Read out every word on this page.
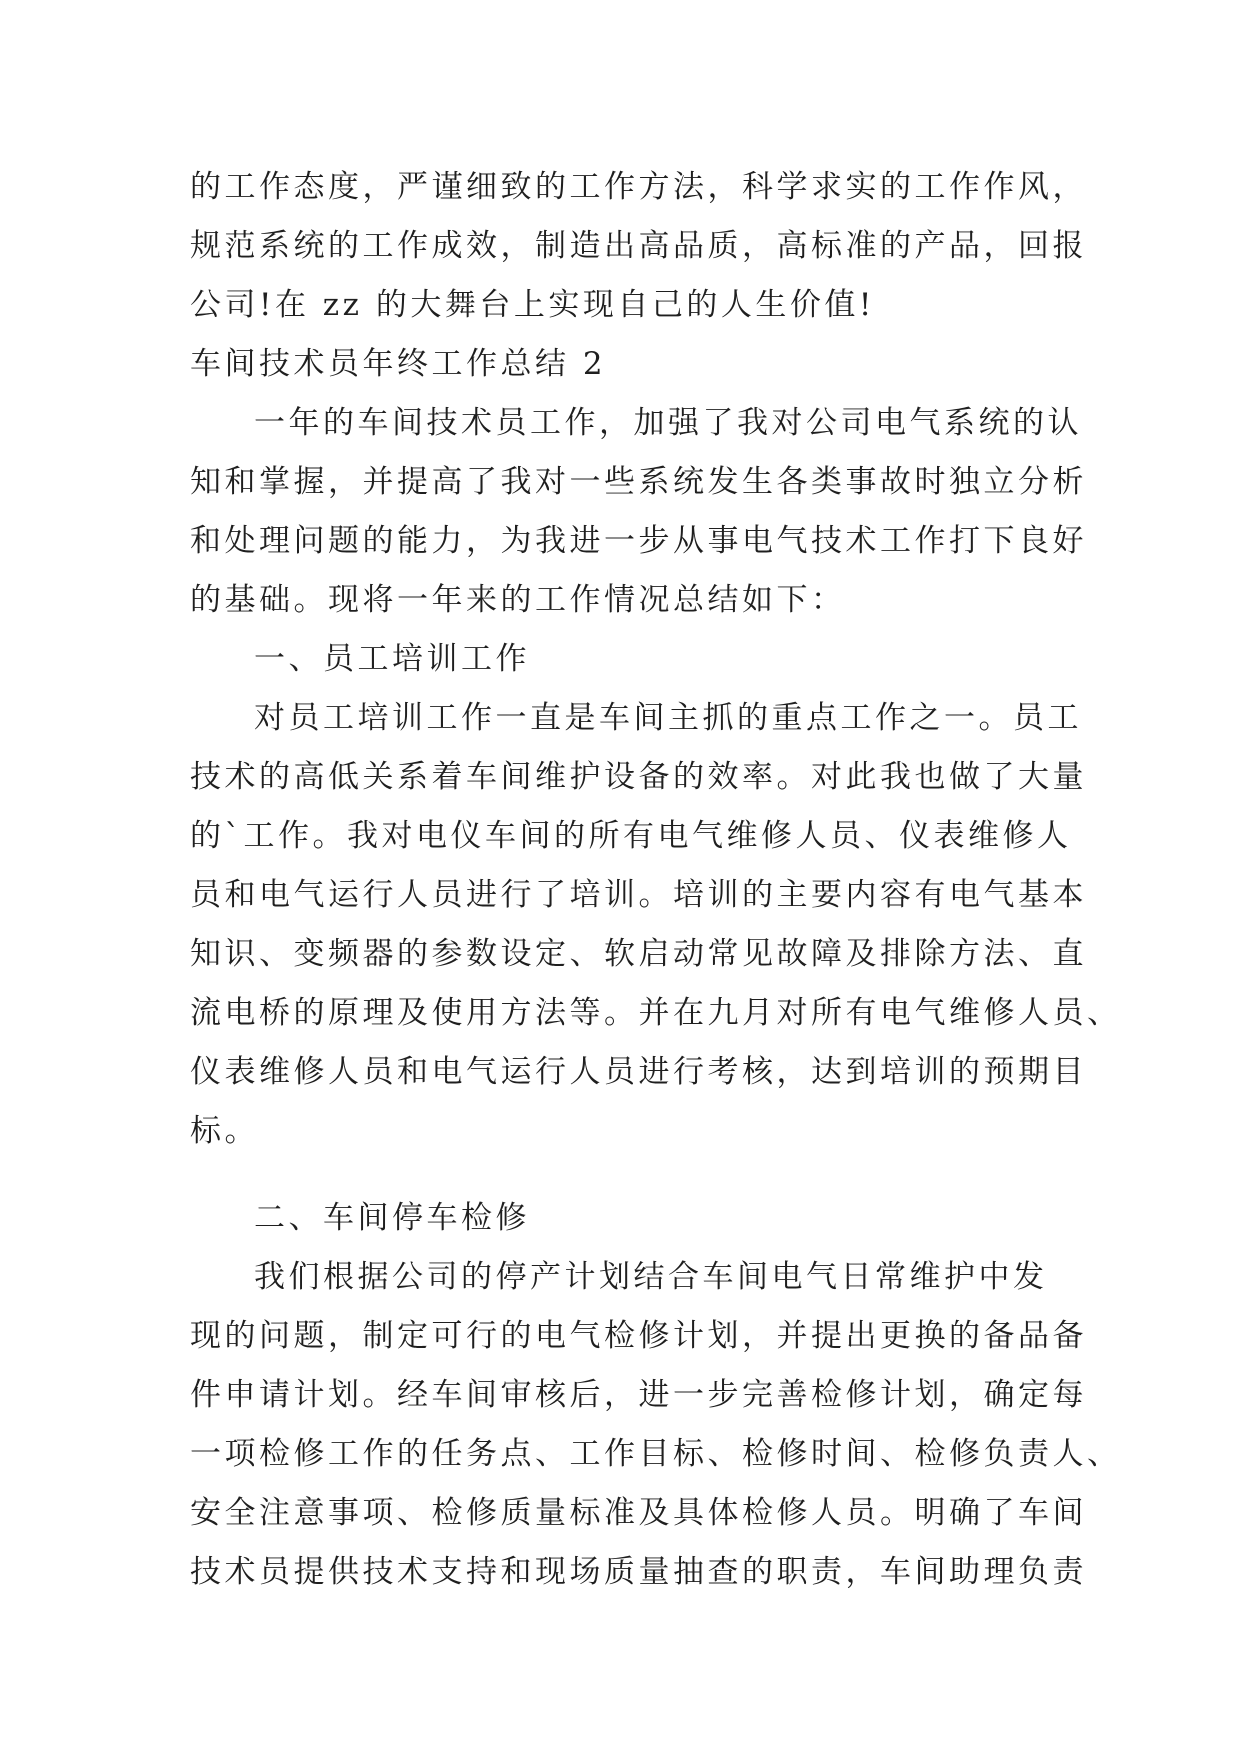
的工作态度，严谨细致的工作方法，科学求实的工作作风，
规范系统的工作成效，制造出高品质，高标准的产品，回报
公司!在 zz 的大舞台上实现自己的人生价值!
车间技术员年终工作总结 2
一年的车间技术员工作，加强了我对公司电气系统的认
知和掌握，并提高了我对一些系统发生各类事故时独立分析
和处理问题的能力，为我进一步从事电气技术工作打下良好
的基础。现将一年来的工作情况总结如下：
一、员工培训工作
对员工培训工作一直是车间主抓的重点工作之一。员工
技术的高低关系着车间维护设备的效率。对此我也做了大量
的`工作。我对电仪车间的所有电气维修人员、仪表维修人
员和电气运行人员进行了培训。培训的主要内容有电气基本
知识、变频器的参数设定、软启动常见故障及排除方法、直
流电桥的原理及使用方法等。并在九月对所有电气维修人员、
仪表维修人员和电气运行人员进行考核，达到培训的预期目
标。
二、车间停车检修
我们根据公司的停产计划结合车间电气日常维护中发
现的问题，制定可行的电气检修计划，并提出更换的备品备
件申请计划。经车间审核后，进一步完善检修计划，确定每
一项检修工作的任务点、工作目标、检修时间、检修负责人、
安全注意事项、检修质量标准及具体检修人员。明确了车间
技术员提供技术支持和现场质量抽查的职责，车间助理负责
